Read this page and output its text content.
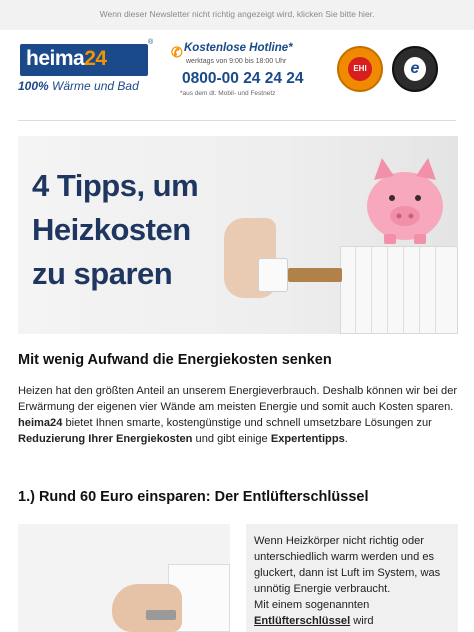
Wenn dieser Newsletter nicht richtig angezeigt wird, klicken Sie bitte hier.
heima24
®
100% Wärme und Bad
✆ Kostenlose Hotline*
werktags von 9:00 bis 18:00 Uhr
0800-00 24 24 24
*aus dem dt. Mobil- und Festnetz
EHI	e
4 Tipps, um
Heizkosten
zu sparen
Mit wenig Aufwand die Energiekosten senken
Heizen hat den größten Anteil an unserem Energieverbrauch. Deshalb können wir bei der Erwärmung der eigenen vier Wände am meisten Energie und somit auch Kosten sparen.
heima24 bietet Ihnen smarte, kostengünstige und schnell umsetzbare Lösungen zur Reduzierung Ihrer Energiekosten und gibt einige Expertentipps.
1.) Rund 60 Euro einsparen: Der Entlüfterschlüssel
Wenn Heizkörper nicht richtig oder unterschiedlich warm werden und es gluckert, dann ist Luft im System, was unnötig Energie verbraucht.
Mit einem sogenannten Entlüfterschlüssel wird
